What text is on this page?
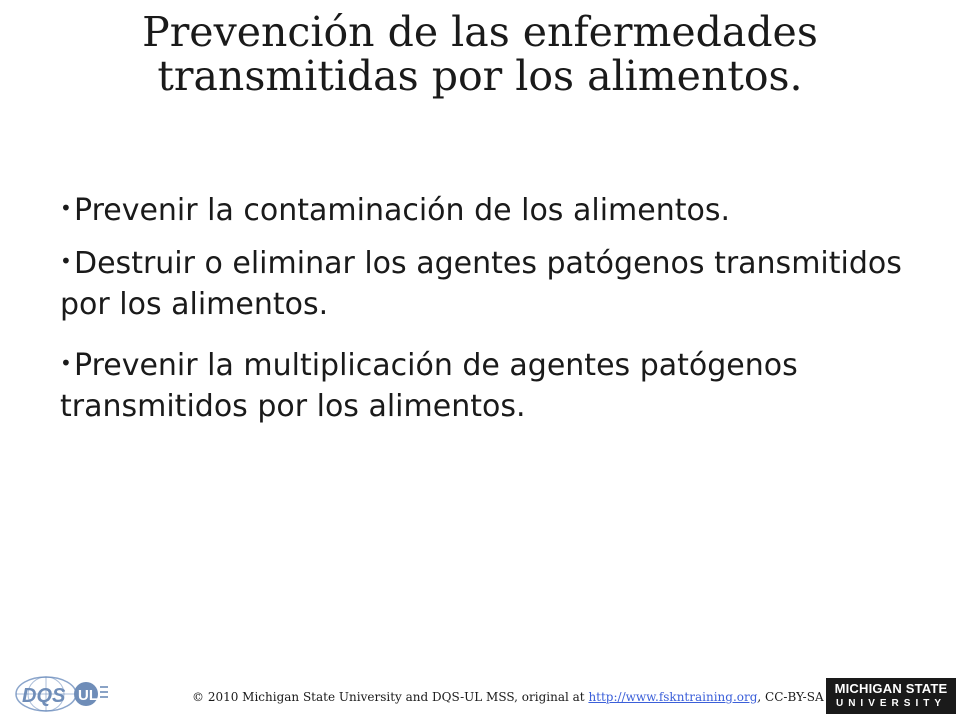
Prevención de las enfermedades
transmitidas por los alimentos.
• Prevenir la contaminación de los alimentos.
• Destruir o eliminar los agentes patógenos transmitidos por los alimentos.
• Prevenir la multiplicación de agentes patógenos transmitidos por los alimentos.
DQS UL	© 2010 Michigan State University and DQS-UL MSS, original at http://www.fskntraining.org, CC-BY-SA
MICHIGAN STATE
UNIVERSITY
